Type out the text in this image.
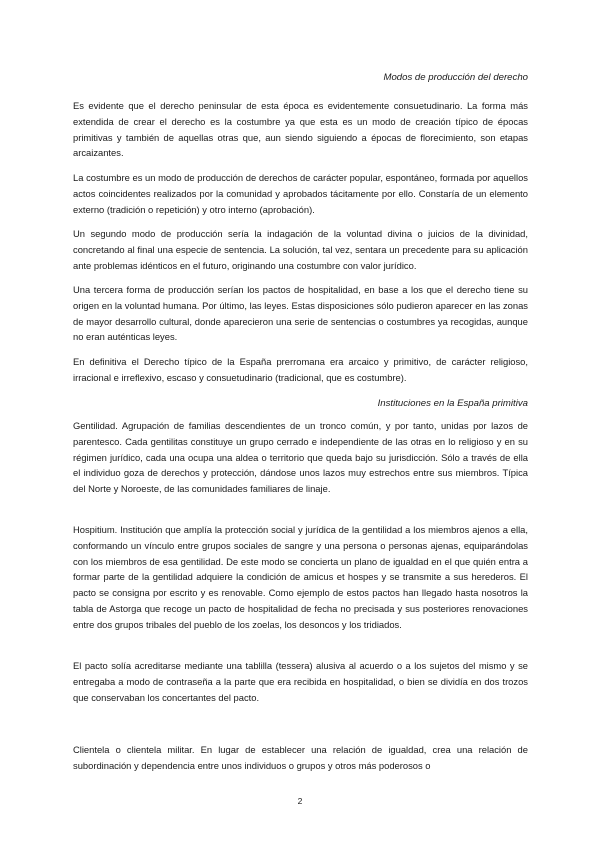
Modos de producción del derecho

Es evidente que el derecho peninsular de esta época es evidentemente consuetudinario. La forma más extendida de crear el derecho es la costumbre ya que esta es un modo de creación típico de épocas primitivas y también de aquellas otras que, aun siendo siguiendo a épocas de florecimiento, son etapas arcaizantes.

La costumbre es un modo de producción de derechos de carácter popular, espontáneo, formada por aquellos actos coincidentes realizados por la comunidad y aprobados tácitamente por ello. Constaría de un elemento externo (tradición o repetición) y otro interno (aprobación).

Un segundo modo de producción sería la indagación de la voluntad divina o juicios de la divinidad, concretando al final una especie de sentencia. La solución, tal vez, sentara un precedente para su aplicación ante problemas idénticos en el futuro, originando una costumbre con valor jurídico.

Una tercera forma de producción serían los pactos de hospitalidad, en base a los que el derecho tiene su origen en la voluntad humana. Por último, las leyes. Estas disposiciones sólo pudieron aparecer en las zonas de mayor desarrollo cultural, donde aparecieron una serie de sentencias o costumbres ya recogidas, aunque no eran auténticas leyes.

En definitiva el Derecho típico de la España prerromana era arcaico y primitivo, de carácter religioso, irracional e irreflexivo, escaso y consuetudinario (tradicional, que es costumbre).

Instituciones en la España primitiva

Gentilidad. Agrupación de familias descendientes de un tronco común, y por tanto, unidas por lazos de parentesco. Cada gentilitas constituye un grupo cerrado e independiente de las otras en lo religioso y en su régimen jurídico, cada una ocupa una aldea o territorio que queda bajo su jurisdicción. Sólo a través de ella el individuo goza de derechos y protección, dándose unos lazos muy estrechos entre sus miembros. Típica del Norte y Noroeste, de las comunidades familiares de linaje.

Hospitium. Institución que amplía la protección social y jurídica de la gentilidad a los miembros ajenos a ella, conformando un vínculo entre grupos sociales de sangre y una persona o personas ajenas, equiparándolas con los miembros de esa gentilidad. De este modo se concierta un plano de igualdad en el que quién entra a formar parte de la gentilidad adquiere la condición de amicus et hospes y se transmite a sus herederos. El pacto se consigna por escrito y es renovable. Como ejemplo de estos pactos han llegado hasta nosotros la tabla de Astorga que recoge un pacto de hospitalidad de fecha no precisada y sus posteriores renovaciones entre dos grupos tribales del pueblo de los zoelas, los desoncos y los tridiados.

El pacto solía acreditarse mediante una tablilla (tessera) alusiva al acuerdo o a los sujetos del mismo y se entregaba a modo de contraseña a la parte que era recibida en hospitalidad, o bien se dividía en dos trozos que conservaban los concertantes del pacto.

Clientela o clientela militar. En lugar de establecer una relación de igualdad, crea una relación de subordinación y dependencia entre unos individuos o grupos y otros más poderosos o

2
